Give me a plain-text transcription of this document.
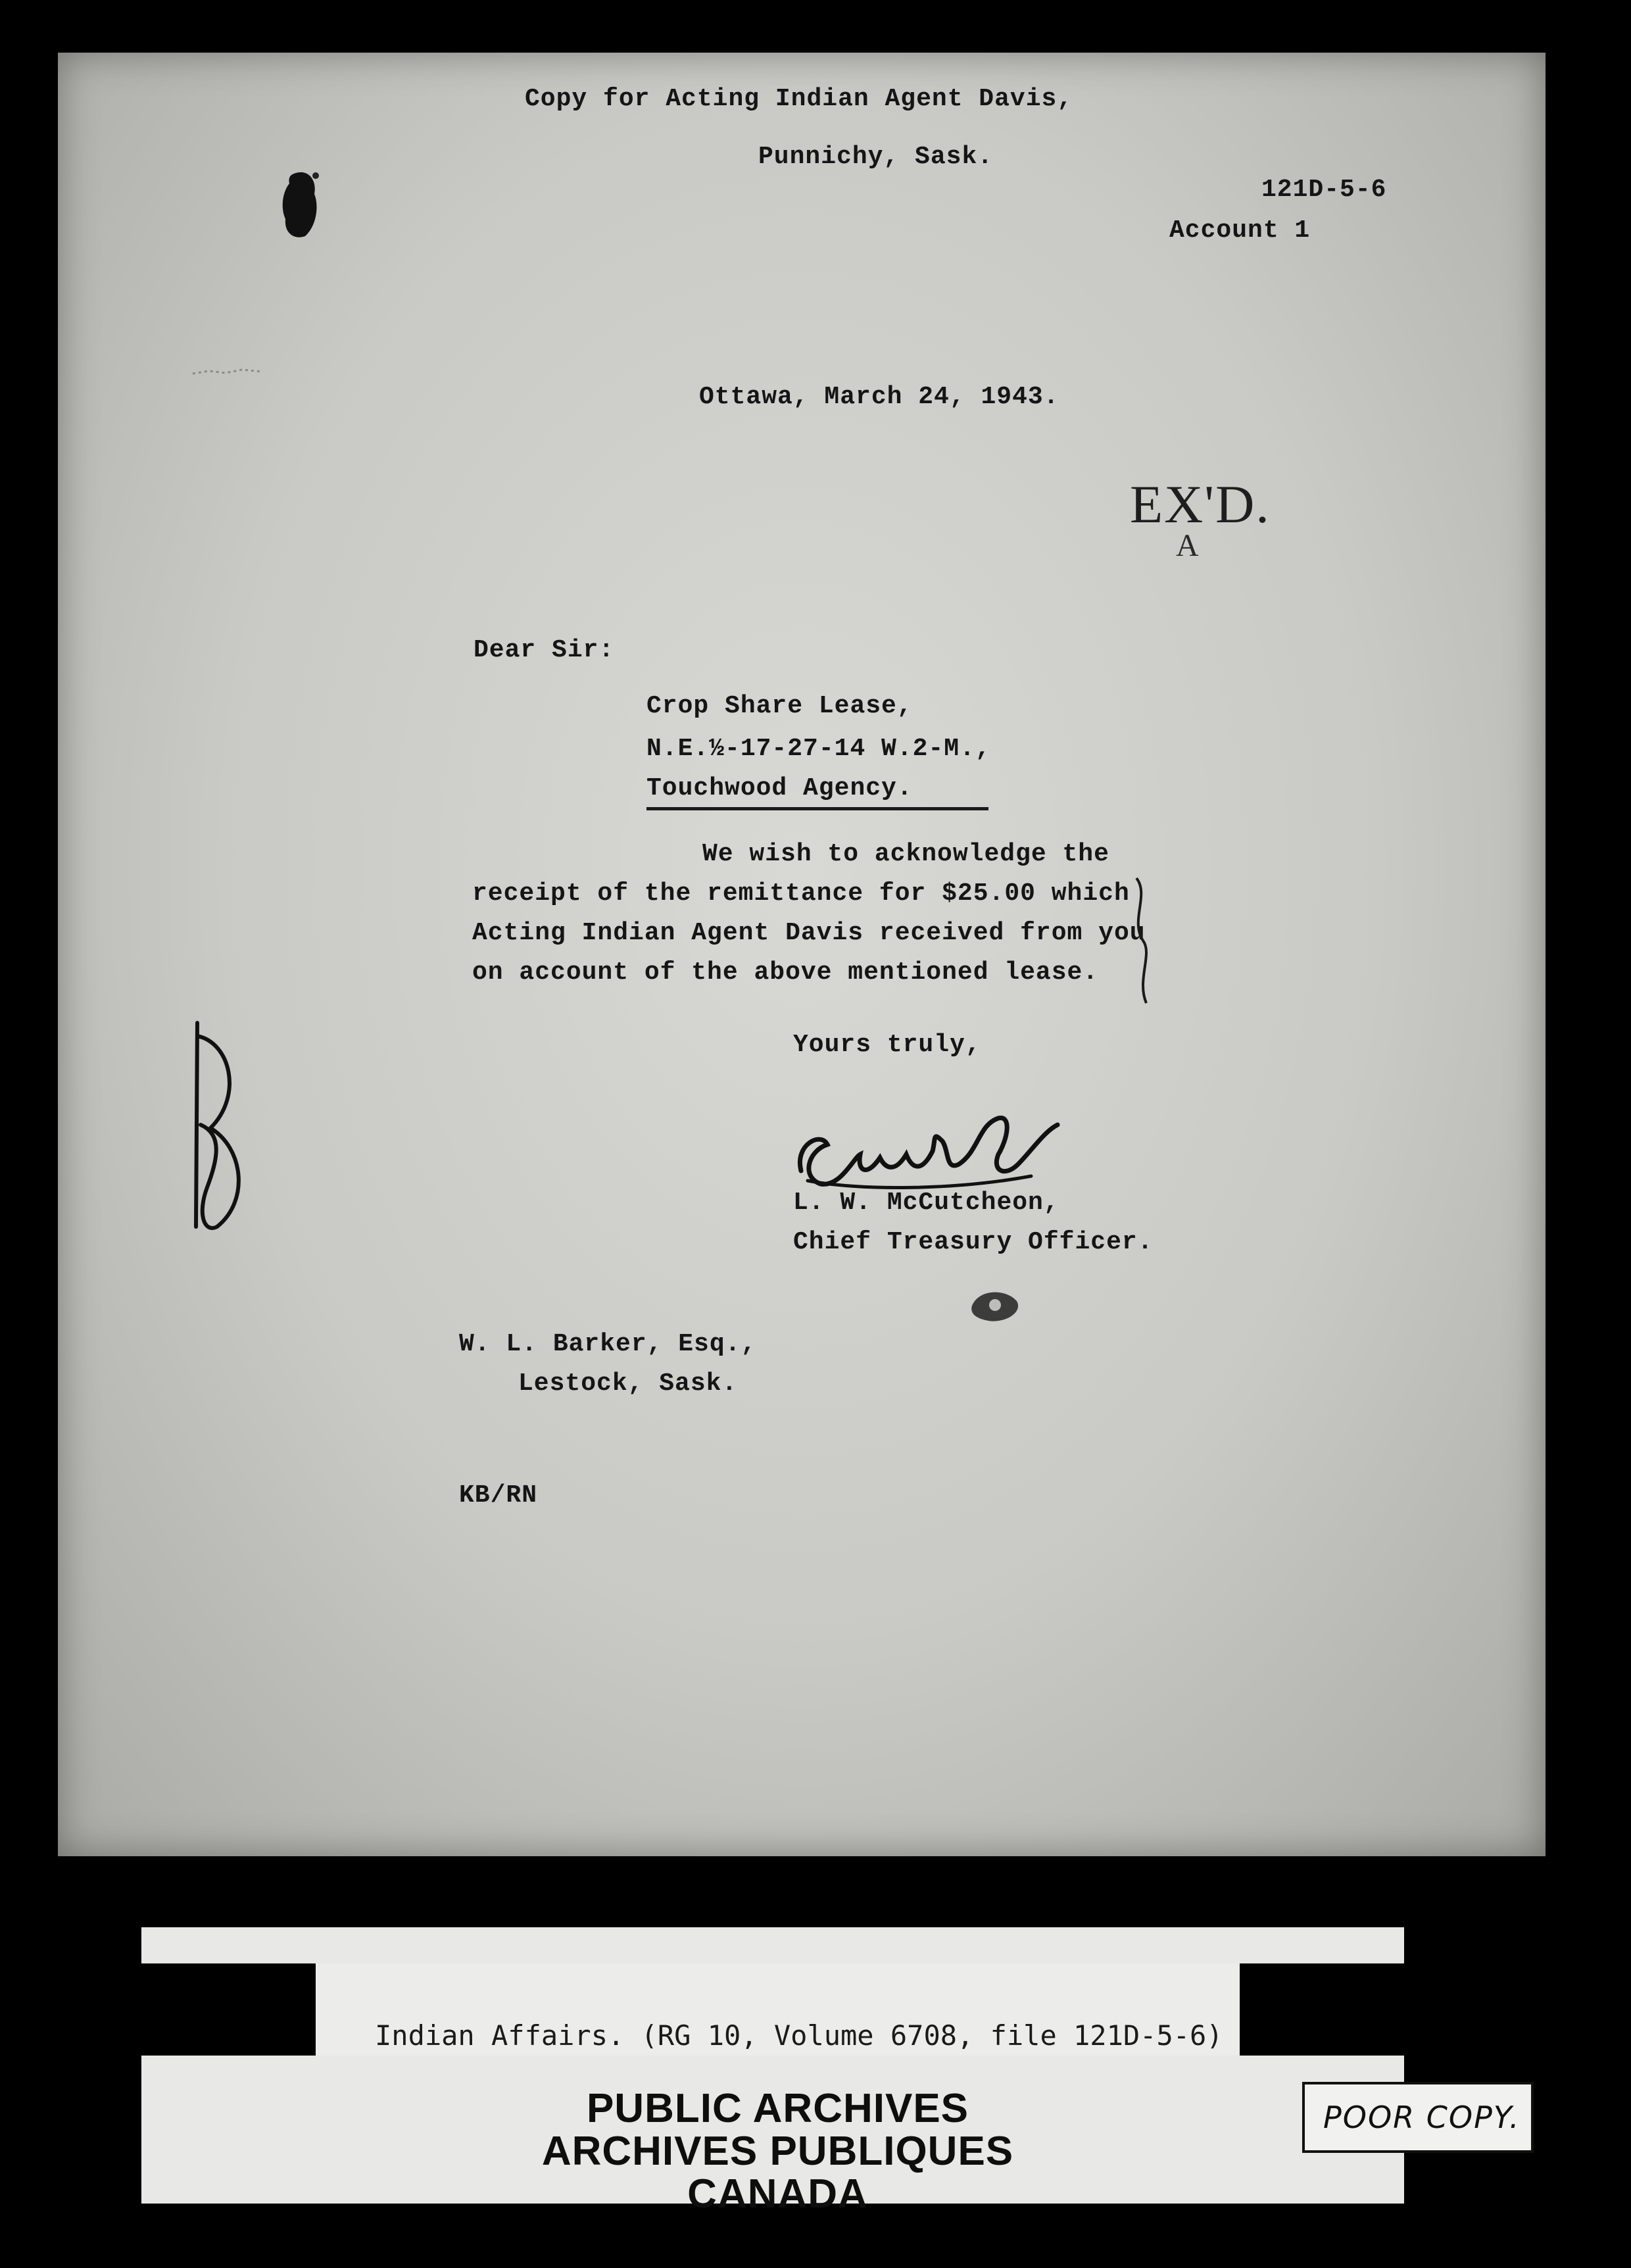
Copy for Acting Indian Agent Davis,
Punnichy, Sask.
121D-5-6
Account 1
Ottawa, March 24, 1943.
EX'D.
A
Dear Sir:
Crop Share Lease,
N.E.½-17-27-14 W.2-M.,
Touchwood Agency.
We wish to acknowledge the
receipt of the remittance for $25.00 which
Acting Indian Agent Davis received from you
on account of the above mentioned lease.
Yours truly,
L. W. McCutcheon,
Chief Treasury Officer.
W. L. Barker, Esq.,
Lestock, Sask.
KB/RN
Indian Affairs. (RG 10, Volume 6708, file 121D-5-6)
PUBLIC ARCHIVES
ARCHIVES PUBLIQUES
CANADA
POOR COPY.
